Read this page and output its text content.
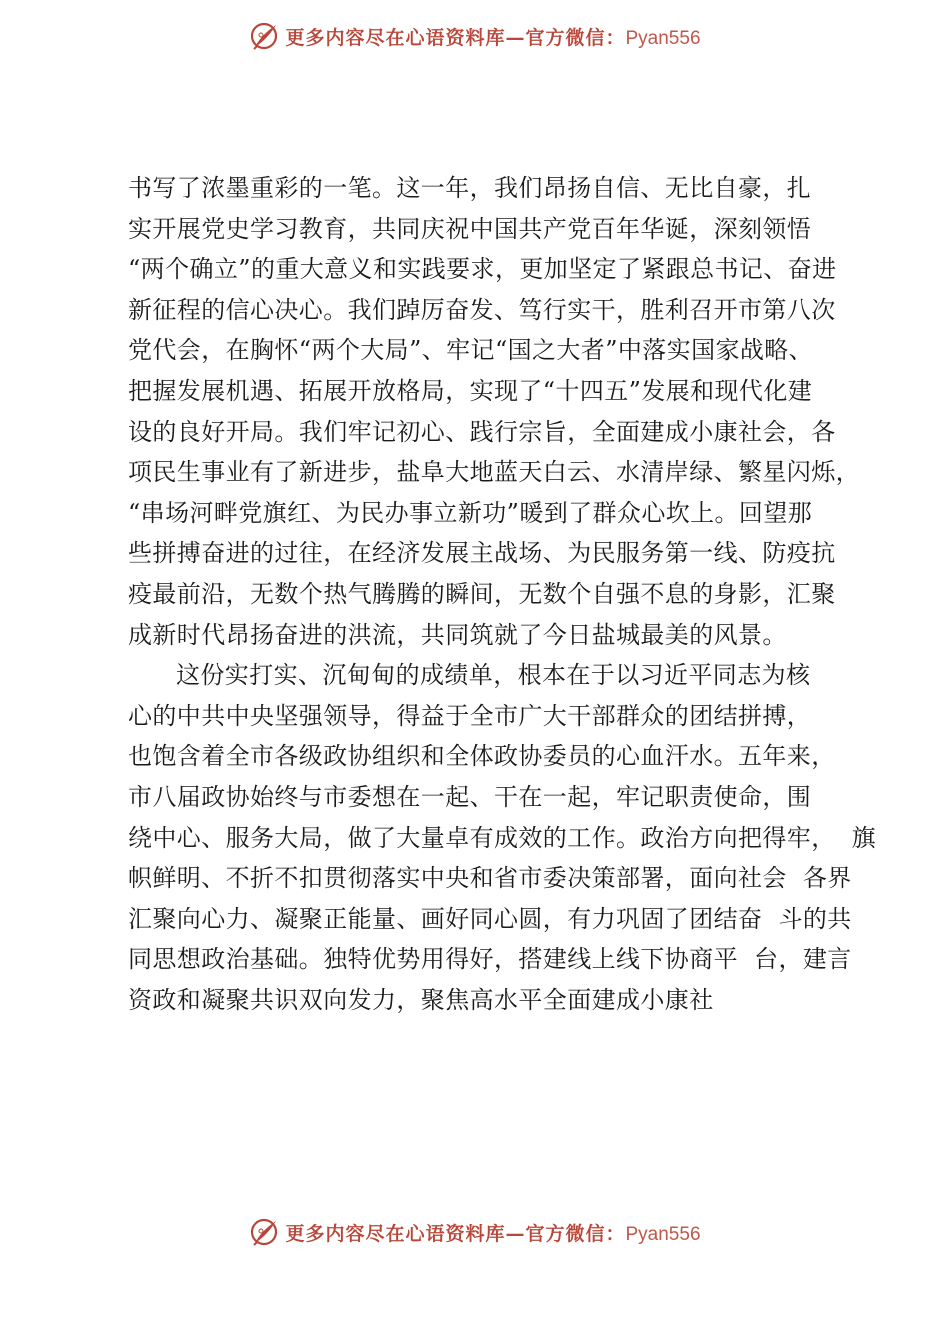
更多内容尽在心语资料库—官方微信：Pyan556
书写了浓墨重彩的一笔。这一年，我们昂扬自信、无比自豪，扎
实开展党史学习教育，共同庆祝中国共产党百年华诞，深刻领悟
“两个确立”的重大意义和实践要求，更加坚定了紧跟总书记、奋进
新征程的信心决心。我们踔厉奋发、笃行实干，胜利召开市第八次
党代会，在胸怀“两个大局”、牢记“国之大者”中落实国家战略、
把握发展机遇、拓展开放格局，实现了“十四五”发展和现代化建
设的良好开局。我们牢记初心、践行宗旨，全面建成小康社会，各
项民生事业有了新进步，盐阜大地蓝天白云、水清岸绿、繁星闪烁，
“串场河畔党旗红、为民办事立新功”暖到了群众心坎上。回望那
些拼搏奋进的过往，在经济发展主战场、为民服务第一线、防疫抗
疫最前沿，无数个热气腾腾的瞬间，无数个自强不息的身影，汇聚
成新时代昂扬奋进的洪流，共同筑就了今日盐城最美的风景。
这份实打实、沉甸甸的成绩单，根本在于以习近平同志为核
心的中共中央坚强领导，得益于全市广大干部群众的团结拼搏，
也饱含着全市各级政协组织和全体政协委员的心血汗水。五年来，
市八届政协始终与市委想在一起、干在一起，牢记职责使命，围
绕中心、服务大局，做了大量卓有成效的工作。政治方向把得牢，  旗
帜鲜明、不折不扣贯彻落实中央和省市委决策部署，面向社会  各界
汇聚向心力、凝聚正能量、画好同心圆，有力巩固了团结奋  斗的共
同思想政治基础。独特优势用得好，搭建线上线下协商平  台，建言
资政和凝聚共识双向发力，聚焦高水平全面建成小康社
更多内容尽在心语资料库—官方微信：Pyan556
